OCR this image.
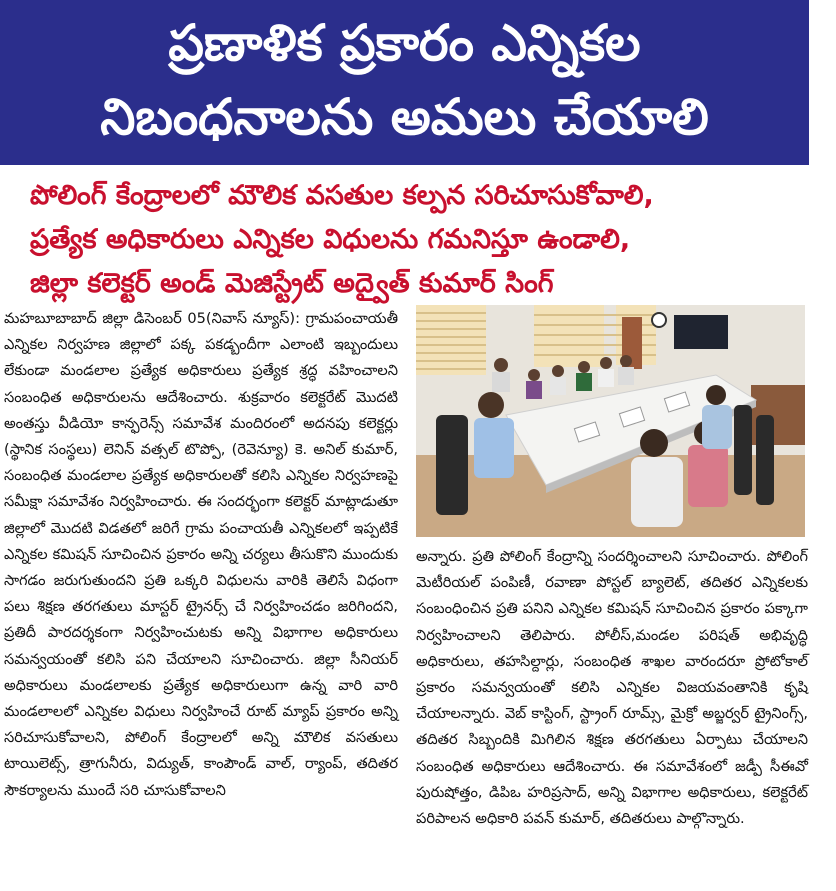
ప్రణాళిక ప్రకారం ఎన్నికల
నిబంధనాలను అమలు చేయాలి
పోలింగ్ కేంద్రాలలో మౌలిక వసతుల కల్పన సరిచూసుకోవాలి,
ప్రత్యేక అధికారులు ఎన్నికల విధులను గమనిస్తూ ఉండాలి,
జిల్లా కలెక్టర్ అండ్ మెజిస్ట్రేట్ అద్వైత్ కుమార్ సింగ్

మహబూబాబాద్ జిల్లా డిసెంబర్ 05(నివాస్ న్యూస్): గ్రామపంచాయతీ ఎన్నికల నిర్వహణ జిల్లాలో పక్క పకడ్బందీగా ఎలాంటి ఇబ్బందులు లేకుండా మండలాల ప్రత్యేక అధికారులు ప్రత్యేక శ్రద్ధ వహించాలని సంబంధిత అధికారులను ఆదేశించారు. శుక్రవారం కలెక్టరేట్ మొదటి అంతస్తు వీడియో కాన్ఫరెన్స్ సమావేశ మందిరంలో అదనపు కలెక్టర్లు (స్థానిక సంస్థలు) లెనిన్ వత్సల్ టొప్పో, (రెవెన్యూ) కె. అనిల్ కుమార్, సంబంధిత మండలాల ప్రత్యేక అధికారులతో కలిసి ఎన్నికల నిర్వహణపై సమీక్షా సమావేశం నిర్వహించారు. ఈ సందర్భంగా కలెక్టర్ మాట్లాడుతూ జిల్లాలో మొదటి విడతలో జరిగే గ్రామ పంచాయతీ ఎన్నికలలో ఇప్పటికే ఎన్నికల కమిషన్ సూచించిన ప్రకారం అన్ని చర్యలు తీసుకొని ముందుకు సాగడం జరుగుతుందని ప్రతి ఒక్కరి విధులను వారికి తెలిసే విధంగా పలు శిక్షణ తరగతులు మాస్టర్ ట్రైనర్స్ చే నిర్వహించడం జరిగిందని, ప్రతిదీ పారదర్శకంగా నిర్వహించుటకు అన్ని విభాగాల అధికారులు సమన్వయంతో కలిసి పని చేయాలని సూచించారు. జిల్లా సీనియర్ అధికారులు మండలాలకు ప్రత్యేక అధికారులుగా ఉన్న వారి వారి మండలాలలో ఎన్నికల విధులు నిర్వహించే రూట్ మ్యాప్ ప్రకారం అన్ని సరిచూసుకోవాలని, పోలింగ్ కేంద్రాలలో అన్ని మౌలిక వసతులు టాయిలెట్స్, త్రాగునీరు, విద్యుత్, కాంపౌండ్ వాల్, ర్యాంప్, తదితర సౌకర్యాలను ముందే సరి చూసుకోవాలని

అన్నారు. ప్రతి పోలింగ్ కేంద్రాన్ని సందర్శించాలని సూచించారు. పోలింగ్ మెటీరియల్ పంపిణీ, రవాణా పోస్టల్ బ్యాలెట్, తదితర ఎన్నికలకు సంబంధించిన ప్రతి పనిని ఎన్నికల కమిషన్ సూచించిన ప్రకారం పక్కాగా నిర్వహించాలని తెలిపారు. పోలీస్,మండల పరిషత్ అభివృద్ధి అధికారులు, తహసిల్దార్లు, సంబంధిత శాఖల వారందరూ ప్రోటోకాల్ ప్రకారం సమన్వయంతో కలిసి ఎన్నికల విజయవంతానికి కృషి చేయాలన్నారు. వెబ్ కాస్టింగ్, స్ట్రాంగ్ రూమ్స్, మైక్రో అబ్జర్వర్ ట్రైనింగ్స్, తదితర సిబ్బందికి మిగిలిన శిక్షణ తరగతులు ఏర్పాటు చేయాలని సంబంధిత అధికారులు ఆదేశించారు. ఈ సమావేశంలో జడ్పీ సీఈవో పురుషోత్తం, డిపిఒ హరిప్రసాద్, అన్ని విభాగాల అధికారులు, కలెక్టరేట్ పరిపాలన అధికారి పవన్ కుమార్, తదితరులు పాల్గొన్నారు.
